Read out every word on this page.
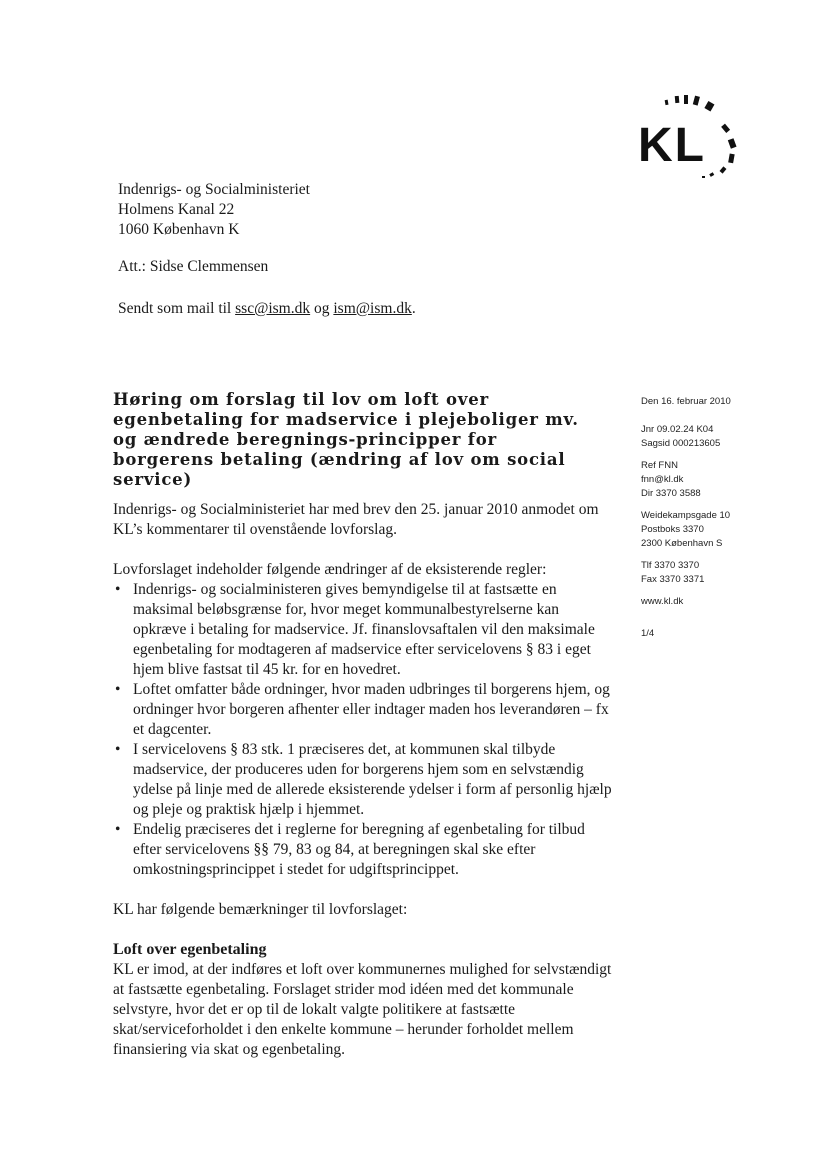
KL
Indenrigs- og Socialministeriet
Holmens Kanal 22
1060 København K
Att.: Sidse Clemmensen
Sendt som mail til ssc@ism.dk og ism@ism.dk.
Høring om forslag til lov om loft over egenbetaling for madservice i plejeboliger mv. og ændrede beregnings-principper for borgerens betaling (ændring af lov om social service)
Den 16. februar 2010
Jnr 09.02.24 K04
Sagsid 000213605
Ref FNN
fnn@kl.dk
Dir 3370 3588
Weidekampsgade 10
Postboks 3370
2300 København S
Tlf 3370 3370
Fax 3370 3371
www.kl.dk
1/4

Indenrigs- og Socialministeriet har med brev den 25. januar 2010 anmodet om KL’s kommentarer til ovenstående lovforslag.

Lovforslaget indeholder følgende ændringer af de eksisterende regler:

• Indenrigs- og socialministeren gives bemyndigelse til at fastsætte en maksimal beløbsgrænse for, hvor meget kommunalbestyrelserne kan opkræve i betaling for madservice. Jf. finanslovsaftalen vil den maksimale egenbetaling for modtageren af madservice efter servicelovens § 83 i eget hjem blive fastsat til 45 kr. for en hovedret.
• Loftet omfatter både ordninger, hvor maden udbringes til borgerens hjem, og ordninger hvor borgeren afhenter eller indtager maden hos leverandøren – fx et dagcenter.
• I servicelovens § 83 stk. 1 præciseres det, at kommunen skal tilbyde madservice, der produceres uden for borgerens hjem som en selvstændig ydelse på linje med de allerede eksisterende ydelser i form af personlig hjælp og pleje og praktisk hjælp i hjemmet.
• Endelig præciseres det i reglerne for beregning af egenbetaling for tilbud efter servicelovens §§ 79, 83 og 84, at beregningen skal ske efter omkostningsprincippet i stedet for udgiftsprincippet.

KL har følgende bemærkninger til lovforslaget:

Loft over egenbetaling

KL er imod, at der indføres et loft over kommunernes mulighed for selvstændigt at fastsætte egenbetaling. Forslaget strider mod idéen med det kommunale selvstyre, hvor det er op til de lokalt valgte politikere at fastsætte skat/serviceforholdet i den enkelte kommune – herunder forholdet mellem finansiering via skat og egenbetaling.
